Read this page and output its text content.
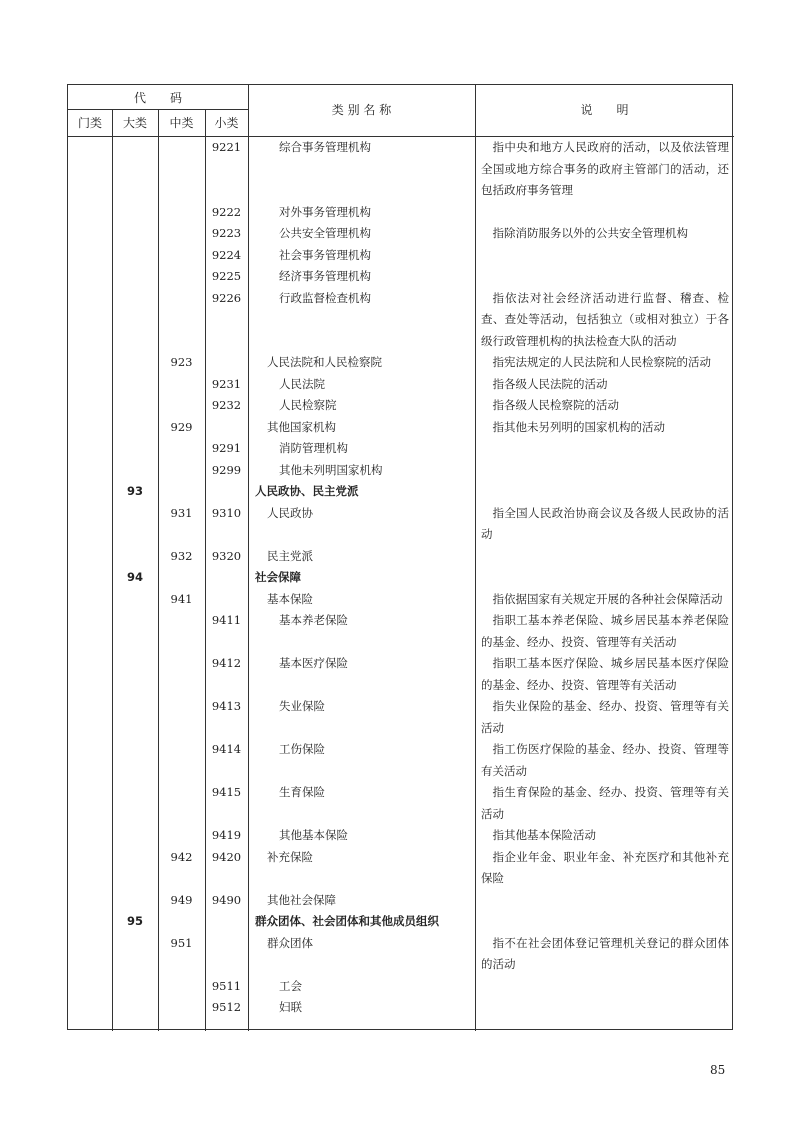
代　　码
门类	大类	中类	小类
类 别 名 称	说　　明
9221	综合事务管理机构	指中央和地方人民政府的活动，以及依法管理全国或地方综合事务的政府主管部门的活动，还包括政府事务管理
9222	对外事务管理机构
9223	公共安全管理机构	指除消防服务以外的公共安全管理机构
9224	社会事务管理机构
9225	经济事务管理机构
9226	行政监督检查机构	指依法对社会经济活动进行监督、稽查、检查、查处等活动，包括独立（或相对独立）于各级行政管理机构的执法检查大队的活动
923	人民法院和人民检察院	指宪法规定的人民法院和人民检察院的活动
9231	人民法院	指各级人民法院的活动
9232	人民检察院	指各级人民检察院的活动
929	其他国家机构	指其他未另列明的国家机构的活动
9291	消防管理机构
9299	其他未列明国家机构
93	人民政协、民主党派
931	9310	人民政协	指全国人民政治协商会议及各级人民政协的活动
932	9320	民主党派
94	社会保障
941	基本保险	指依据国家有关规定开展的各种社会保障活动
9411	基本养老保险	指职工基本养老保险、城乡居民基本养老保险的基金、经办、投资、管理等有关活动
9412	基本医疗保险	指职工基本医疗保险、城乡居民基本医疗保险的基金、经办、投资、管理等有关活动
9413	失业保险	指失业保险的基金、经办、投资、管理等有关活动
9414	工伤保险	指工伤医疗保险的基金、经办、投资、管理等有关活动
9415	生育保险	指生育保险的基金、经办、投资、管理等有关活动
9419	其他基本保险	指其他基本保险活动
942	9420	补充保险	指企业年金、职业年金、补充医疗和其他补充保险
949	9490	其他社会保障
95	群众团体、社会团体和其他成员组织
951	群众团体	指不在社会团体登记管理机关登记的群众团体的活动
9511	工会
9512	妇联
85
